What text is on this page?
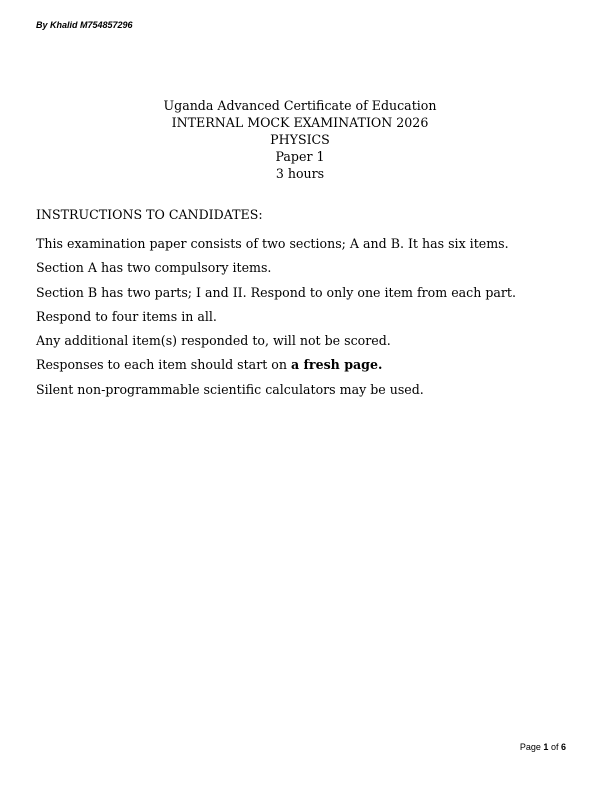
By Khalid M754857296
Uganda Advanced Certificate of Education
INTERNAL MOCK EXAMINATION 2026
PHYSICS
Paper 1
3 hours
INSTRUCTIONS TO CANDIDATES:
This examination paper consists of two sections; A and B. It has six items.
Section A has two compulsory items.
Section B has two parts; I and II. Respond to only one item from each part.
Respond to four items in all.
Any additional item(s) responded to, will not be scored.
Responses to each item should start on a fresh page.
Silent non-programmable scientific calculators may be used.
Page 1 of 6
